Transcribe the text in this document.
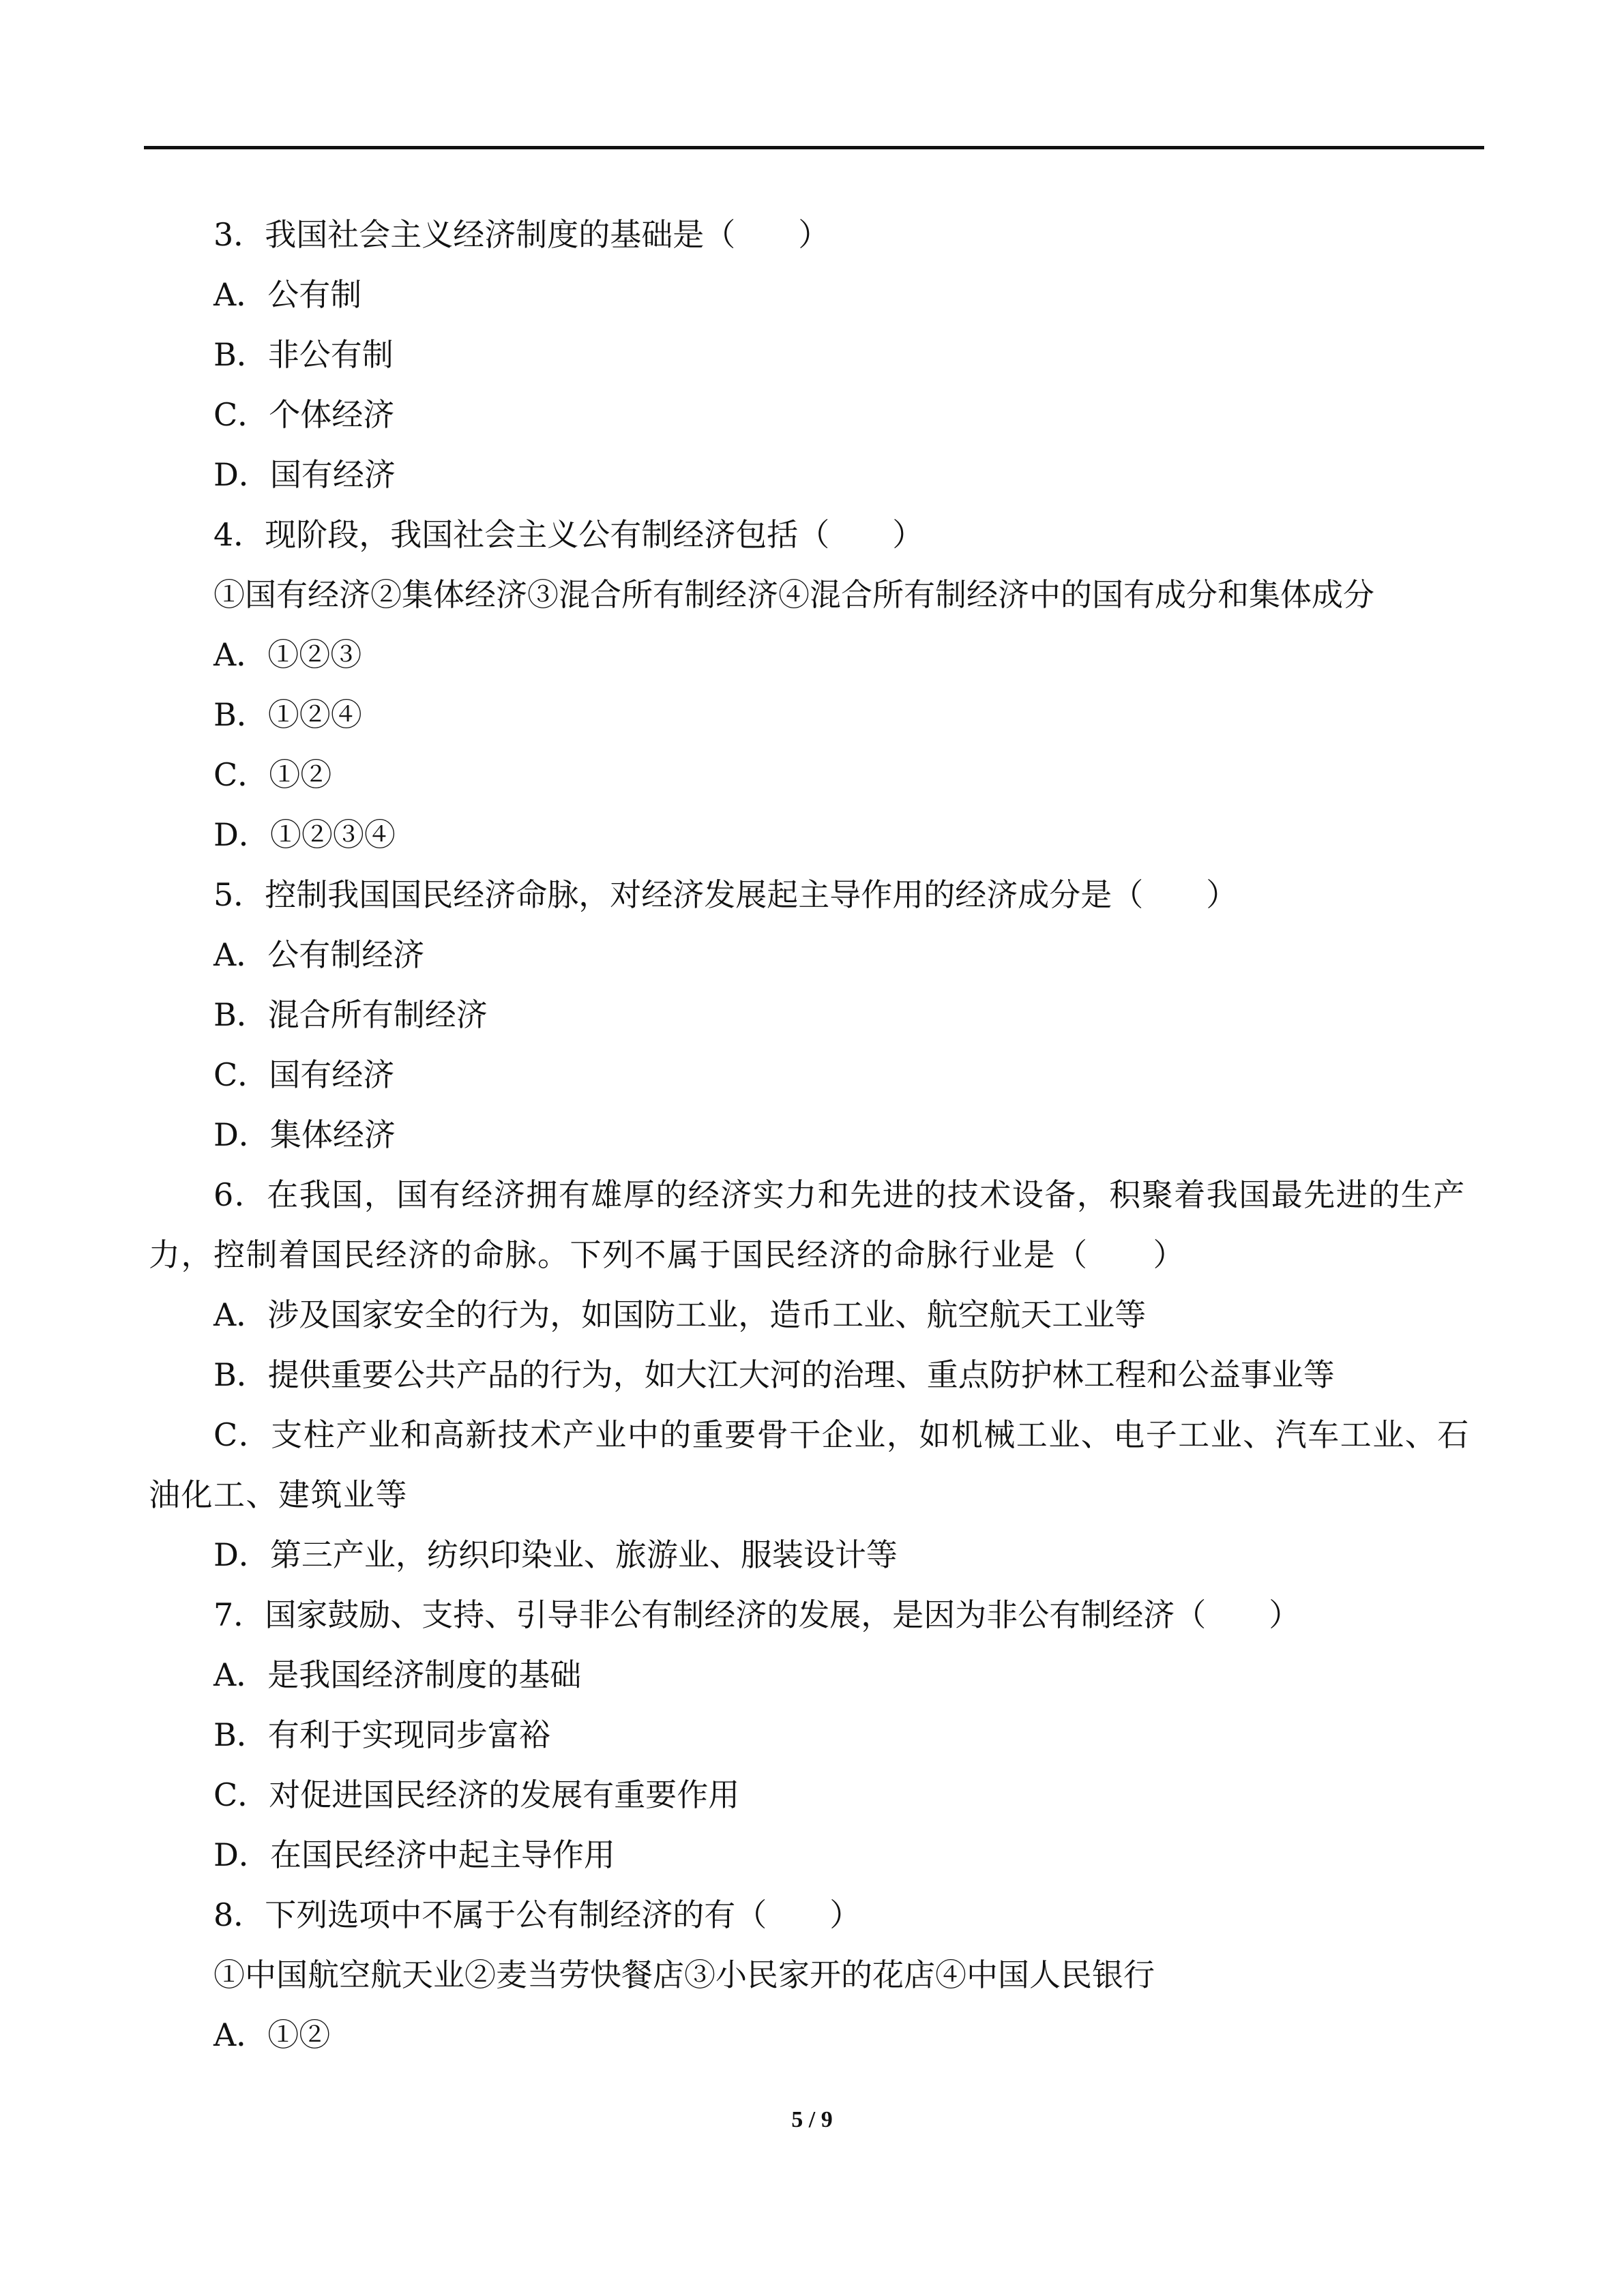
3．我国社会主义经济制度的基础是（　　）
A．公有制
B．非公有制
C．个体经济
D．国有经济
4．现阶段，我国社会主义公有制经济包括（　　）
①国有经济②集体经济③混合所有制经济④混合所有制经济中的国有成分和集体成分
A．①②③
B．①②④
C．①②
D．①②③④
5．控制我国国民经济命脉，对经济发展起主导作用的经济成分是（　　）
A．公有制经济
B．混合所有制经济
C．国有经济
D．集体经济
6．在我国，国有经济拥有雄厚的经济实力和先进的技术设备，积聚着我国最先进的生产力，控制着国民经济的命脉。下列不属于国民经济的命脉行业是（　　）
A．涉及国家安全的行为，如国防工业，造币工业、航空航天工业等
B．提供重要公共产品的行为，如大江大河的治理、重点防护林工程和公益事业等
C．支柱产业和高新技术产业中的重要骨干企业，如机械工业、电子工业、汽车工业、石油化工、建筑业等
D．第三产业，纺织印染业、旅游业、服装设计等
7．国家鼓励、支持、引导非公有制经济的发展，是因为非公有制经济（　　）
A．是我国经济制度的基础
B．有利于实现同步富裕
C．对促进国民经济的发展有重要作用
D．在国民经济中起主导作用
8．下列选项中不属于公有制经济的有（　　）
①中国航空航天业②麦当劳快餐店③小民家开的花店④中国人民银行
A．①②
5 / 9
